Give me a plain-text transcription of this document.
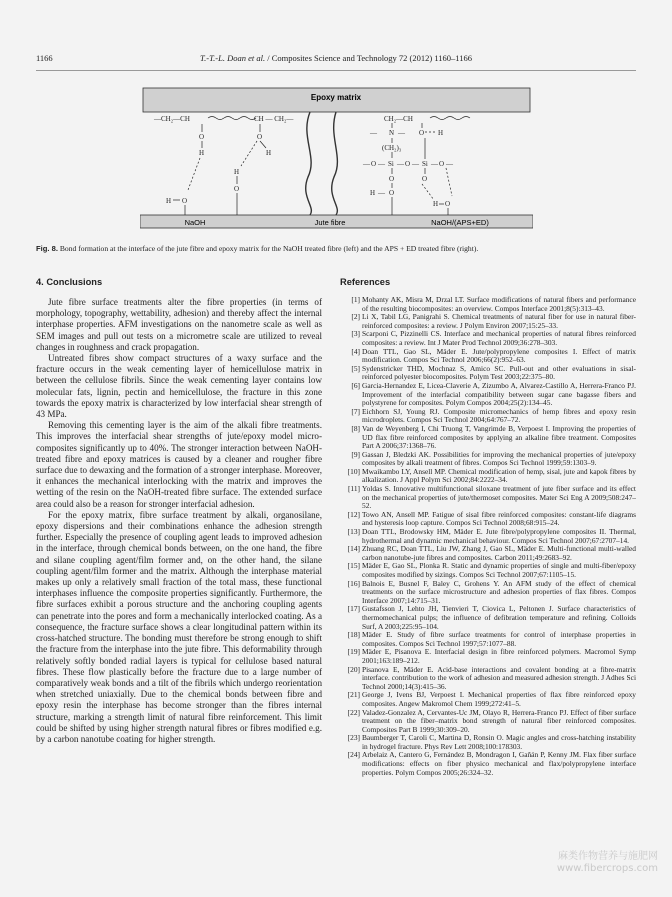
1166	T.-T.-L. Doan et al. / Composites Science and Technology 72 (2012) 1160–1166
Epoxy matrix
NaOH	Jute fibre	NaOH/(APS+ED)
—CH₂—CH	CH — CH₂—
O
H
H O
O
H
H
O
CH₂—CH
— N — O H
(CH₂)₃
— O — Si — O — Si — O —
O	O
H — O
H O
Fig. 8. Bond formation at the interface of the jute fibre and epoxy matrix for the NaOH treated fibre (left) and the APS + ED treated fibre (right).
4. Conclusions	References

Jute fibre surface treatments alter the fibre properties (in terms of morphology, topography, wettability, adhesion) and thereby affect the internal interphase properties. AFM investigations on the nanometre scale as well as SEM images and pull out tests on a micrometre scale are utilized to reveal changes in roughness and crack propagation.

Untreated fibres show compact structures of a waxy surface and the fracture occurs in the weak cementing layer of hemicellulose matrix in between the cellulose fibrils. Since the weak cementing layer contains low molecular fats, lignin, pectin and hemicellulose, the fracture in this zone towards the epoxy matrix is characterized by low interfacial shear strength of 43 MPa.

Removing this cementing layer is the aim of the alkali fibre treatments. This improves the interfacial shear strengths of jute/epoxy model micro-composites significantly up to 40%. The stronger interaction between NaOH-treated fibre and epoxy matrices is caused by a cleaner and rougher fibre surface due to dewaxing and the formation of a stronger interphase. Moreover, it enhances the mechanical interlocking with the matrix and improves the wetting of the resin on the NaOH-treated fibre surface. The extended surface area could also be a reason for stronger interfacial adhesion.

For the epoxy matrix, fibre surface treatment by alkali, organosilane, epoxy dispersions and their combinations enhance the adhesion strength further. Especially the presence of coupling agent leads to improved adhesion in the interface, through chemical bonds between, on the one hand, the fibre and silane coupling agent/film former and, on the other hand, the silane coupling agent/film former and the matrix. Although the interphase material makes up only a relatively small fraction of the total mass, these functional interphases influence the composite properties significantly. Furthermore, the fibre surfaces exhibit a porous structure and the anchoring coupling agents can penetrate into the pores and form a mechanically interlocked coating. As a consequence, the fracture surface shows a clear longitudinal pattern within its cross-hatched structure. The bonding must therefore be strong enough to shift the fracture from the interphase into the jute fibre. This deformability through relatively softly bonded radial layers is typical for cellulose based natural fibres. These flow plastically before the fracture due to a large number of comparatively weak bonds and a tilt of the fibrils which undergo reorientation when stretched uniaxially. Due to the chemical bonds between fibre and epoxy resin the interphase has become stronger than the fibres internal structure, marking a strength limit of natural fibre reinforcement. This limit could be shifted by using higher strength natural fibres or fibres modified e.g. by a carbon nanotube coating for higher strength.

[1] Mohanty AK, Misra M, Drzal LT. Surface modifications of natural fibers and performance of the resulting biocomposites: an overview. Compos Interface 2001;8(5):313–43.
[2] Li X, Tabil LG, Panigrahi S. Chemical treatments of natural fiber for use in natural fiber-reinforced composites: a review. J Polym Environ 2007;15:25–33.
[3] Scarponi C, Pizzinelli CS. Interface and mechanical properties of natural fibres reinforced composites: a review. Int J Mater Prod Technol 2009;36:278–303.
[4] Doan TTL, Gao SL, Mäder E. Jute/polypropylene composites I. Effect of matrix modification. Compos Sci Technol 2006;66(2):952–63.
[5] Sydenstricker THD, Mochnaz S, Amico SC. Pull-out and other evaluations in sisal-reinforced polyester biocomposites. Polym Test 2003;22:375–80.
[6] Garcia-Hernandez E, Licea-Claverie A, Zizumbo A, Alvarez-Castillo A, Herrera-Franco PJ. Improvement of the interfacial compatibility between sugar cane bagasse fibers and polystyrene for composites. Polym Compos 2004;25(2):134–45.
[7] Eichhorn SJ, Young RJ. Composite micromechanics of hemp fibres and epoxy resin microdroplets. Compos Sci Technol 2004;64:767–72.
[8] Van de Weyenberg I, Chi Truong T, Vangrimde B, Verpoest I. Improving the properties of UD flax fibre reinforced composites by applying an alkaline fibre treatment. Composites Part A 2006;37:1368–76.
[9] Gassan J, Bledzki AK. Possibilities for improving the mechanical properties of jute/epoxy composites by alkali treatment of fibres. Compos Sci Technol 1999;59:1303–9.
[10] Mwaikambo LY, Ansell MP. Chemical modification of hemp, sisal, jute and kapok fibres by alkalization. J Appl Polym Sci 2002;84:2222–34.
[11] Yoldas S. Innovative multifunctional siloxane treatment of jute fiber surface and its effect on the mechanical properties of jute/thermoset composites. Mater Sci Eng A 2009;508:247–52.
[12] Towo AN, Ansell MP. Fatigue of sisal fibre reinforced composites: constant-life diagrams and hysteresis loop capture. Compos Sci Technol 2008;68:915–24.
[13] Doan TTL, Brodowsky HM, Mäder E. Jute fibre/polypropylene composites II. Thermal, hydrothermal and dynamic mechanical behaviour. Compos Sci Technol 2007;67:2707–14.
[14] Zhuang RC, Doan TTL, Liu JW, Zhang J, Gao SL, Mäder E. Multi-functional multi-walled carbon nanotube-jute fibres and composites. Carbon 2011;49:2683–92.
[15] Mäder E, Gao SL, Plonka R. Static and dynamic properties of single and multi-fiber/epoxy composites modified by sizings. Compos Sci Technol 2007;67:1105–15.
[16] Balnois E, Busnel F, Baley C, Grohens Y. An AFM study of the effect of chemical treatments on the surface microstructure and adhesion properties of flax fibres. Compos Interface 2007;14:715–31.
[17] Gustafsson J, Lehto JH, Tienvieri T, Ciovica L, Peltonen J. Surface characteristics of thermomechanical pulps; the influence of defibration temperature and refining. Colloids Surf, A 2003;225:95–104.
[18] Mäder E. Study of fibre surface treatments for control of interphase properties in composites. Compos Sci Technol 1997;57:1077–88.
[19] Mäder E, Pisanova E. Interfacial design in fibre reinforced polymers. Macromol Symp 2001;163:189–212.
[20] Pisanova E, Mäder E. Acid-base interactions and covalent bonding at a fibre-matrix interface. contribution to the work of adhesion and measured adhesion strength. J Adhes Sci Technol 2000;14(3):415–36.
[21] George J, Ivens BJ, Verpoest I. Mechanical properties of flax fibre reinforced epoxy composites. Angew Makromol Chem 1999;272:41–5.
[22] Valadez-Gonzalez A, Cervantes-Uc JM, Olayo R, Herrera-Franco PJ. Effect of fiber surface treatment on the fiber–matrix bond strength of natural fiber reinforced composites. Composites Part B 1999;30:309–20.
[23] Baumberger T, Caroli C, Martina D, Ronsin O. Magic angles and cross-hatching instability in hydrogel fracture. Phys Rev Lett 2008;100:178303.
[24] Arbelaiz A, Cantero G, Fernández B, Mondragon I, Gañán P, Kenny JM. Flax fiber surface modifications: effects on fiber physico mechanical and flax/polypropylene interface properties. Polym Compos 2005;26:324–32.
麻类作物营养与施肥网
www.fibercrops.com
